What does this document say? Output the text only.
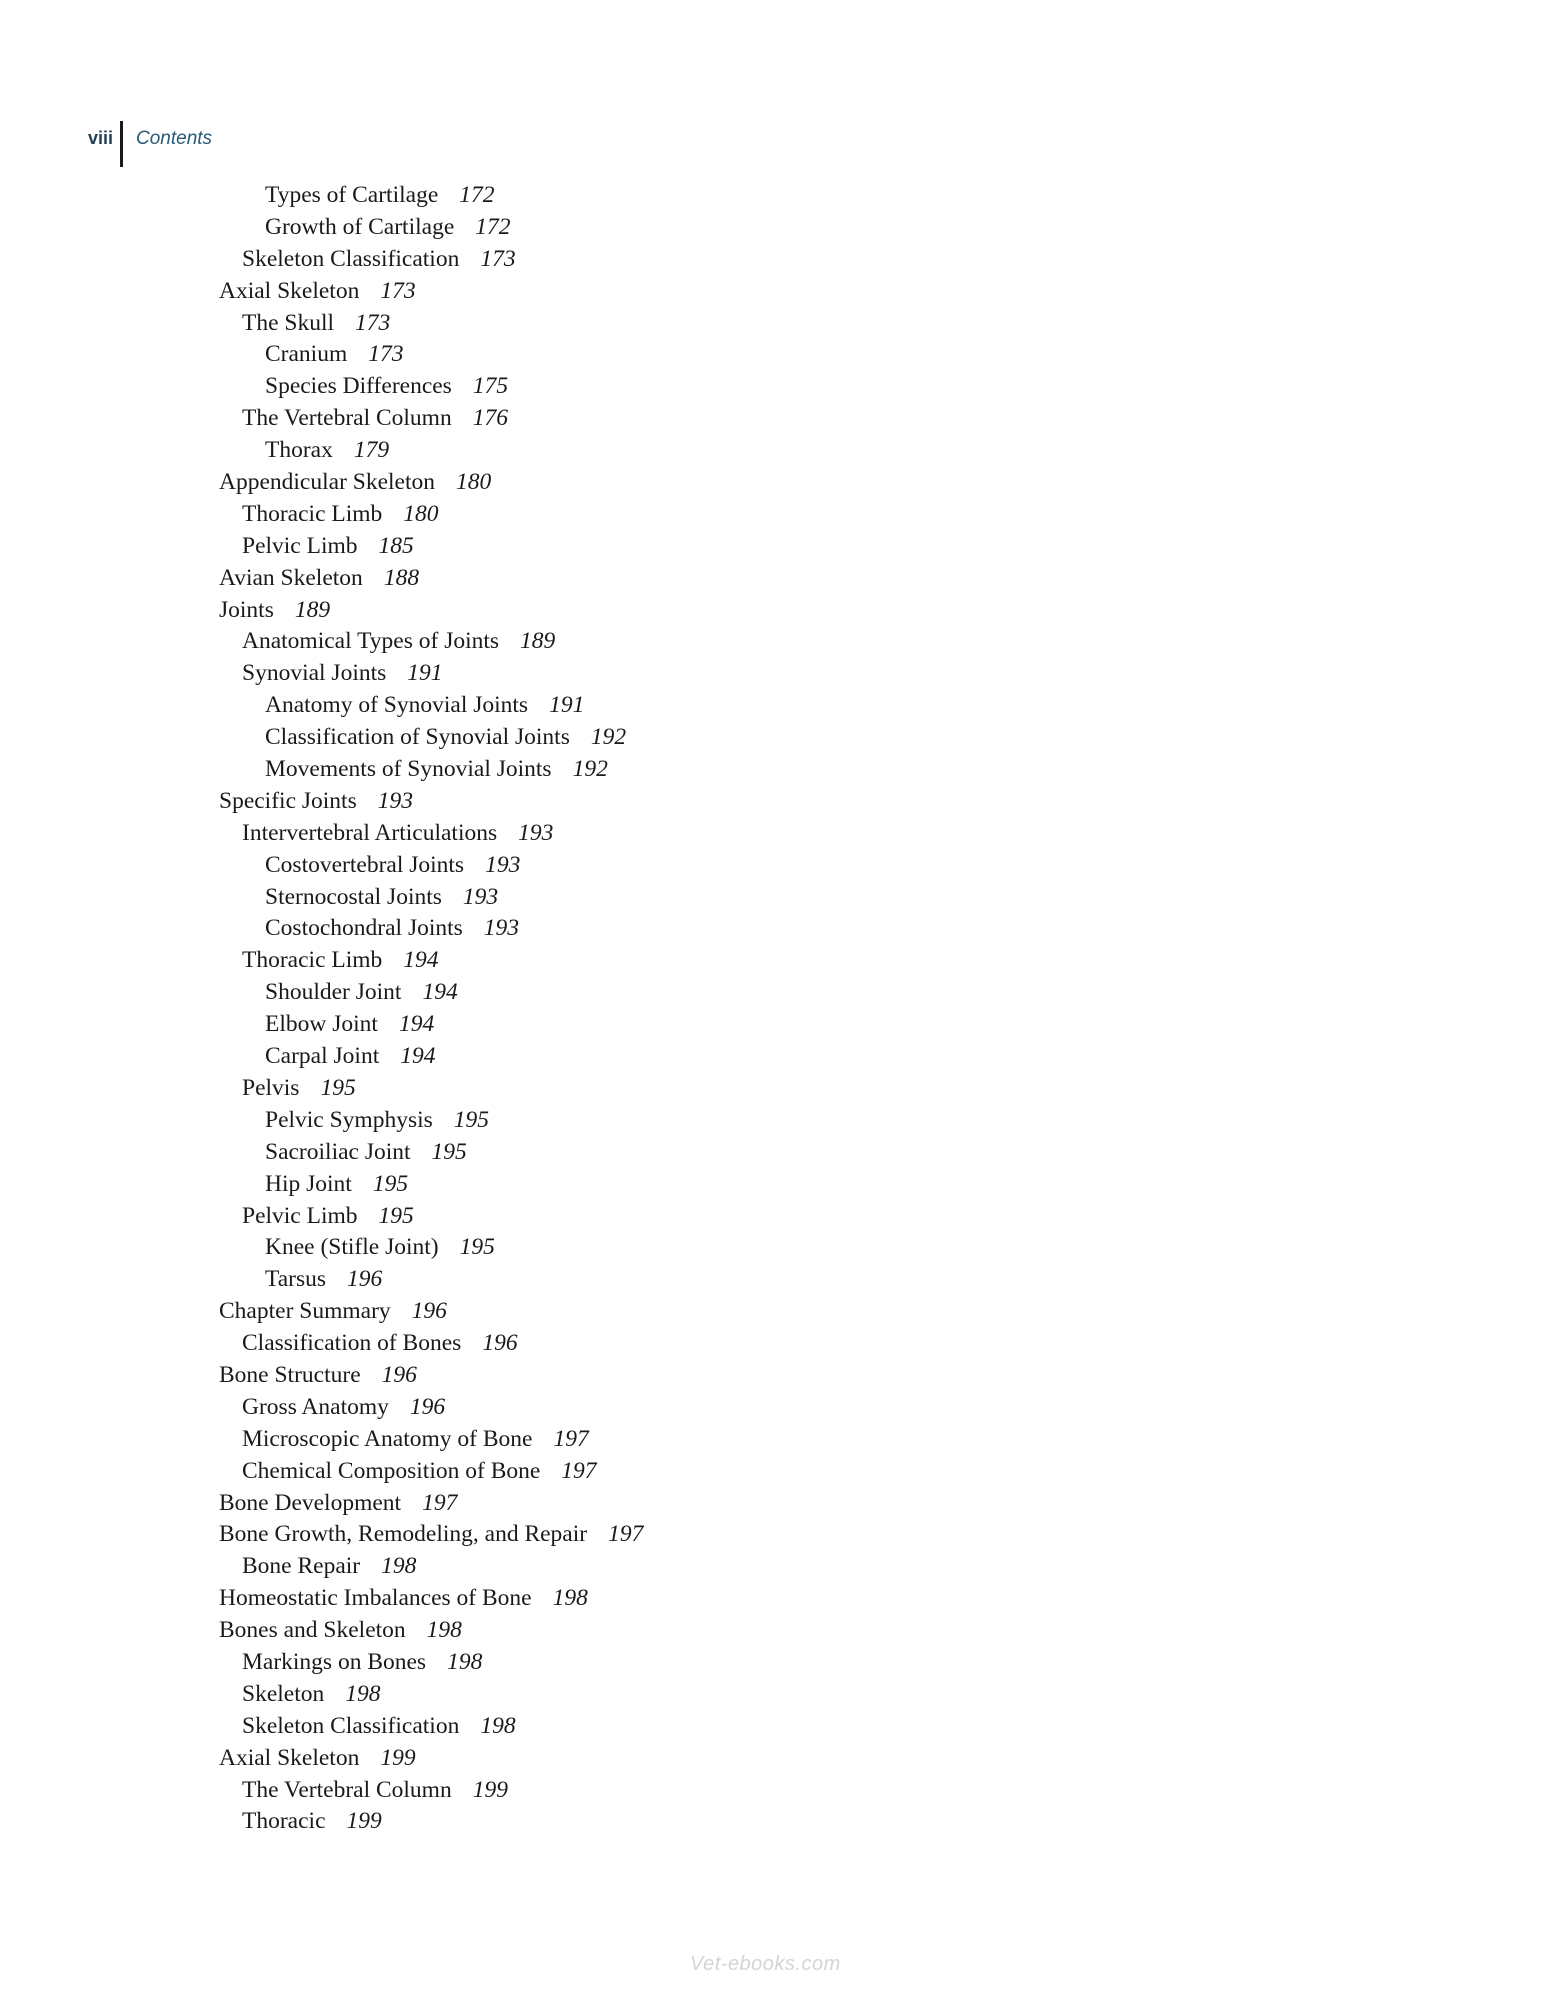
viii	Contents
Types of Cartilage 172
Growth of Cartilage 172
Skeleton Classification 173
Axial Skeleton 173
The Skull 173
Cranium 173
Species Differences 175
The Vertebral Column 176
Thorax 179
Appendicular Skeleton 180
Thoracic Limb 180
Pelvic Limb 185
Avian Skeleton 188
Joints 189
Anatomical Types of Joints 189
Synovial Joints 191
Anatomy of Synovial Joints 191
Classification of Synovial Joints 192
Movements of Synovial Joints 192
Specific Joints 193
Intervertebral Articulations 193
Costovertebral Joints 193
Sternocostal Joints 193
Costochondral Joints 193
Thoracic Limb 194
Shoulder Joint 194
Elbow Joint 194
Carpal Joint 194
Pelvis 195
Pelvic Symphysis 195
Sacroiliac Joint 195
Hip Joint 195
Pelvic Limb 195
Knee (Stifle Joint) 195
Tarsus 196
Chapter Summary 196
Classification of Bones 196
Bone Structure 196
Gross Anatomy 196
Microscopic Anatomy of Bone 197
Chemical Composition of Bone 197
Bone Development 197
Bone Growth, Remodeling, and Repair 197
Bone Repair 198
Homeostatic Imbalances of Bone 198
Bones and Skeleton 198
Markings on Bones 198
Skeleton 198
Skeleton Classification 198
Axial Skeleton 199
The Vertebral Column 199
Thoracic 199
Vet-ebooks.com
